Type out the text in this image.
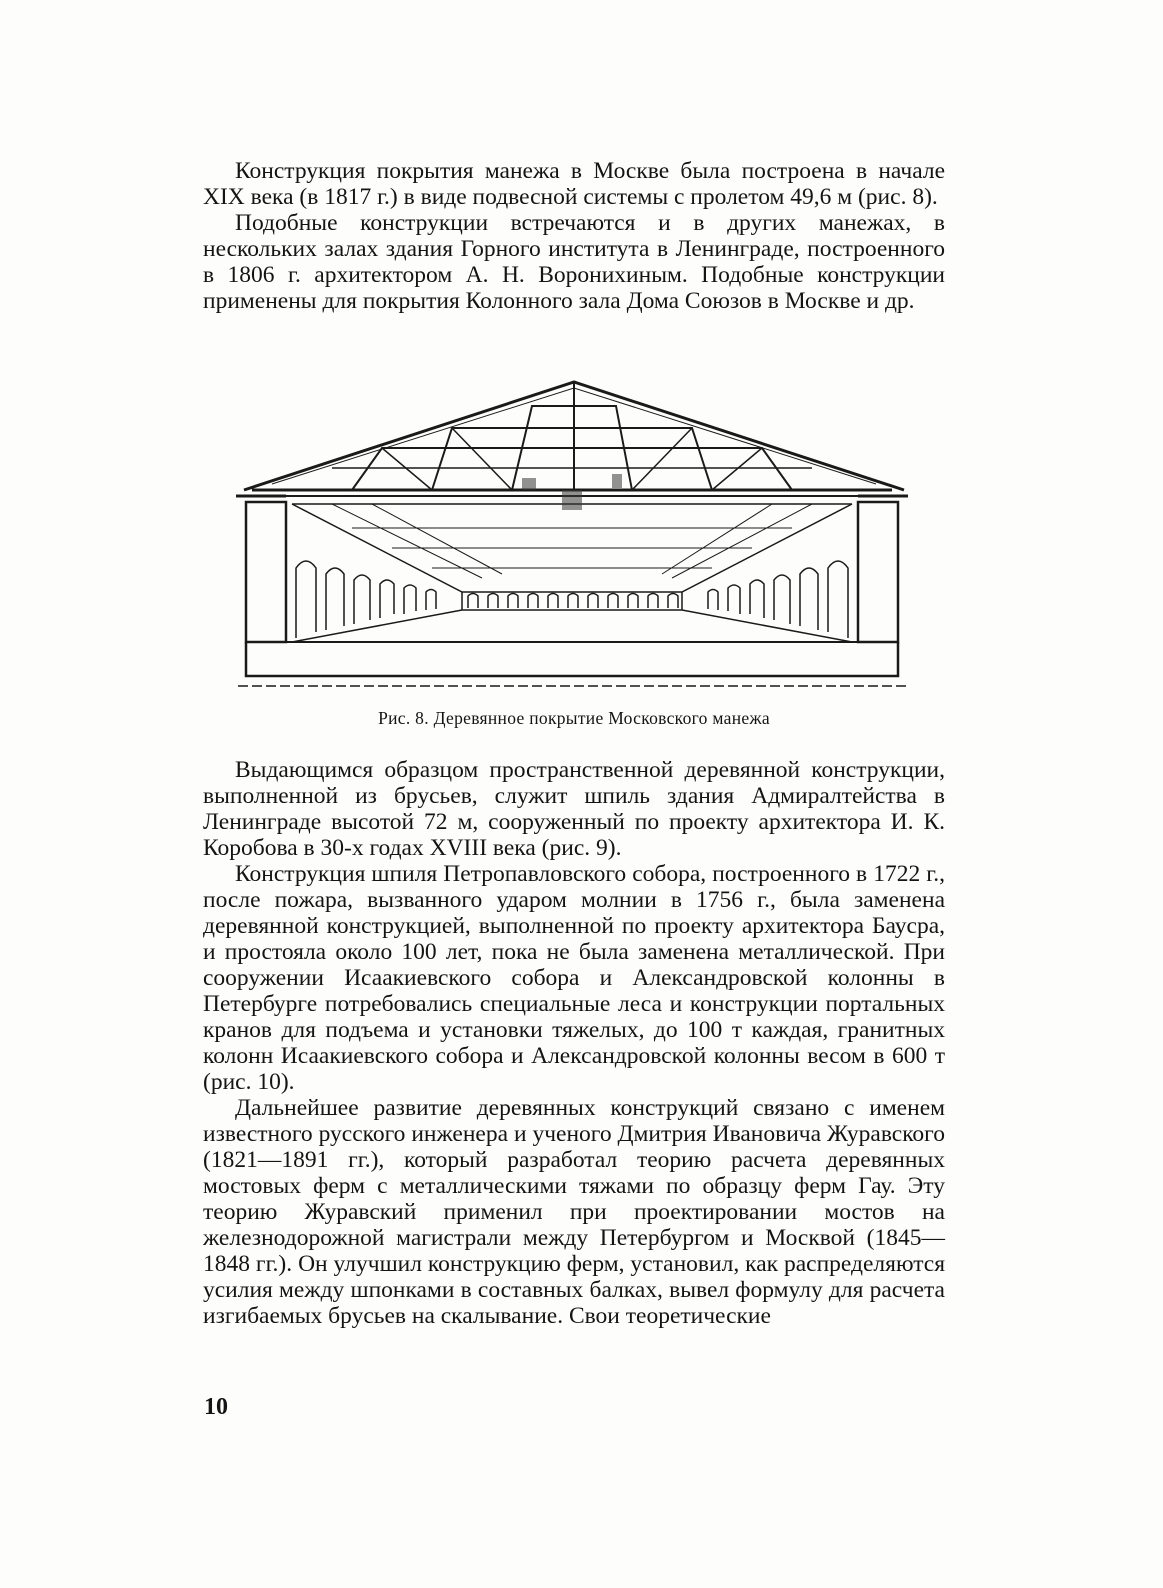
Конструкция покрытия манежа в Москве была построена в начале XIX века (в 1817 г.) в виде подвесной системы с пролетом 49,6 м (рис. 8).

Подобные конструкции встречаются и в других манежах, в нескольких залах здания Горного института в Ленинграде, построенного в 1806 г. архитектором А. Н. Воронихиным. Подобные конструкции применены для покрытия Колонного зала Дома Союзов в Москве и др.

Рис. 8. Деревянное покрытие Московского манежа

Выдающимся образцом пространственной деревянной конструкции, выполненной из брусьев, служит шпиль здания Адмиралтейства в Ленинграде высотой 72 м, сооруженный по проекту архитектора И. К. Коробова в 30-х годах XVIII века (рис. 9).

Конструкция шпиля Петропавловского собора, построенного в 1722 г., после пожара, вызванного ударом молнии в 1756 г., была заменена деревянной конструкцией, выполненной по проекту архитектора Баусра, и простояла около 100 лет, пока не была заменена металлической. При сооружении Исаакиевского собора и Александровской колонны в Петербурге потребовались специальные леса и конструкции портальных кранов для подъема и установки тяжелых, до 100 т каждая, гранитных колонн Исаакиевского собора и Александровской колонны весом в 600 т (рис. 10).

Дальнейшее развитие деревянных конструкций связано с именем известного русского инженера и ученого Дмитрия Ивановича Журавского (1821—1891 гг.), который разработал теорию расчета деревянных мостовых ферм с металлическими тяжами по образцу ферм Гау. Эту теорию Журавский применил при проектировании мостов на железнодорожной магистрали между Петербургом и Москвой (1845—1848 гг.). Он улучшил конструкцию ферм, установил, как распределяются усилия между шпонками в составных балках, вывел формулу для расчета изгибаемых брусьев на скалывание. Свои теоретические

10
